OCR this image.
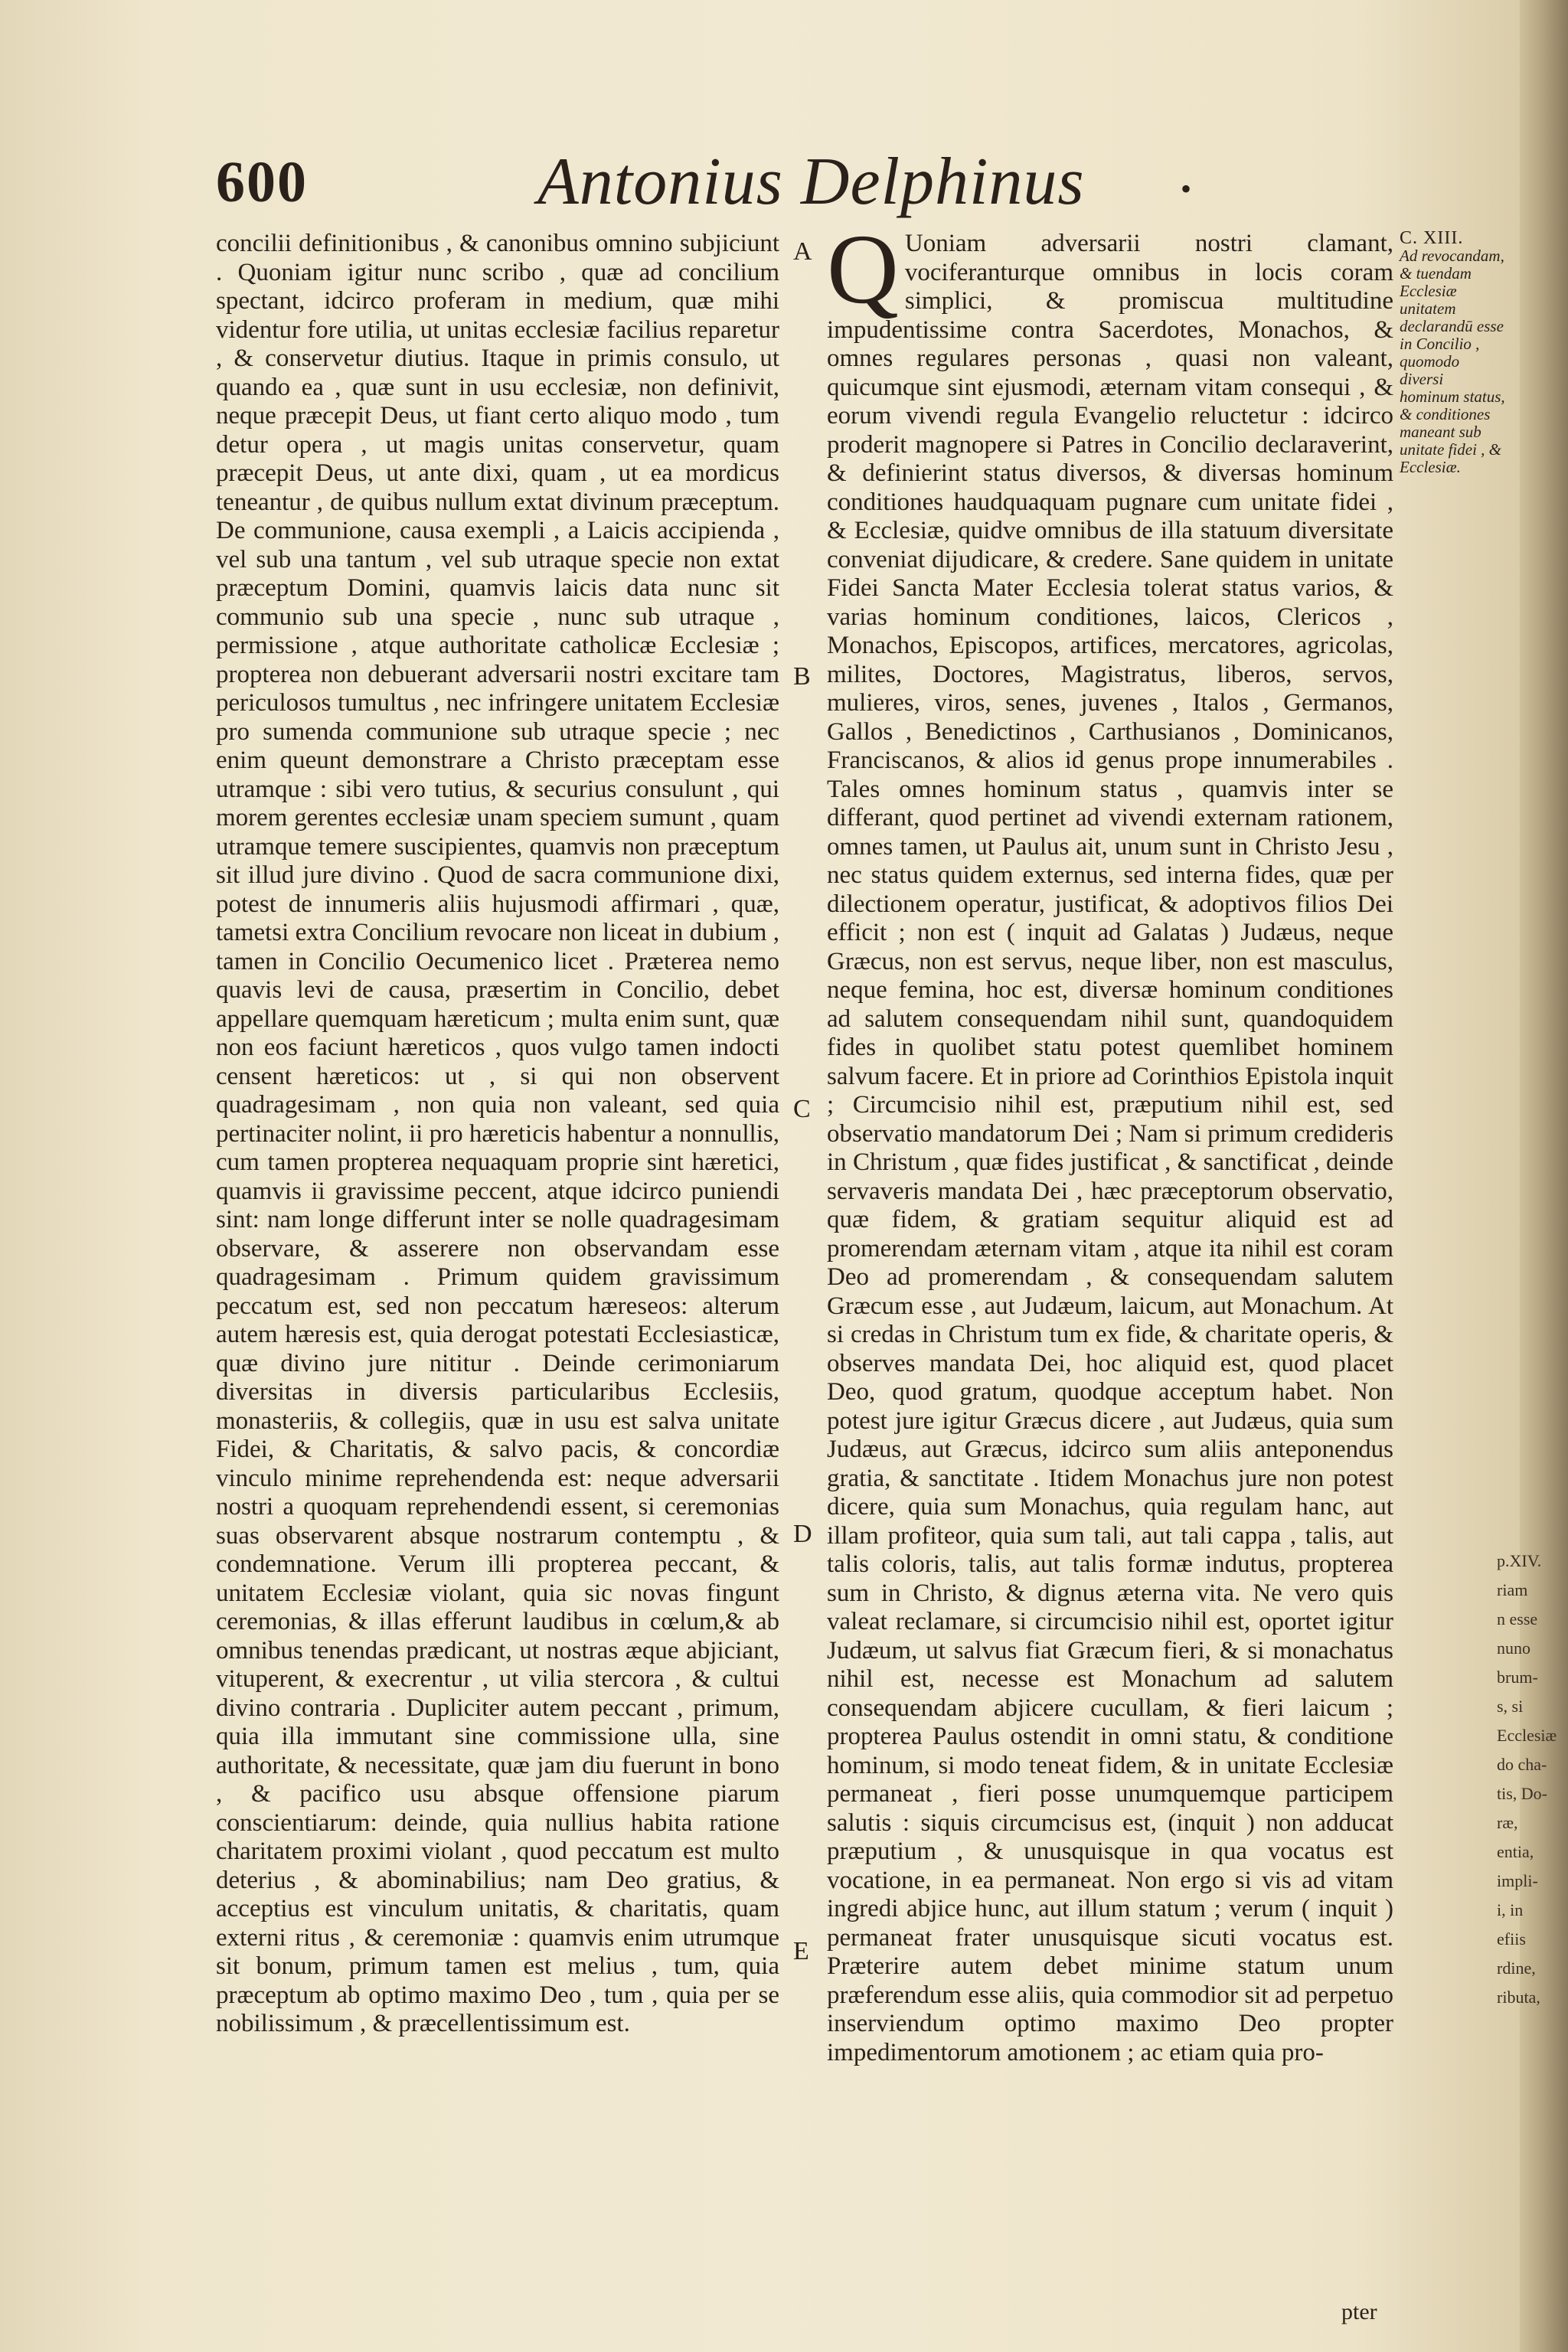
600	Antonius Delphinus	•

concilii definitionibus , & canonibus omnino subjiciunt . Quoniam igitur nunc scribo , quæ ad concilium spectant, idcirco proferam in medium, quæ mihi videntur fore utilia, ut unitas ecclesiæ facilius reparetur , & conservetur diutius. Itaque in primis consulo, ut quando ea , quæ sunt in usu ecclesiæ, non definivit, neque præcepit Deus, ut fiant certo aliquo modo , tum detur opera , ut magis unitas conservetur, quam præcepit Deus, ut ante dixi, quam , ut ea mordicus teneantur , de quibus nullum extat divinum præceptum. De communione, causa exempli , a Laicis accipienda , vel sub una tantum , vel sub utraque specie non extat præceptum Domini, quamvis laicis data nunc sit communio sub una specie , nunc sub utraque , permissione , atque authoritate catholicæ Ecclesiæ ; propterea non debuerant adversarii nostri excitare tam periculosos tumultus , nec infringere unitatem Ecclesiæ pro sumenda communione sub utraque specie ; nec enim queunt demonstrare a Christo præceptam esse utramque : sibi vero tutius, & securius consulunt , qui morem gerentes ecclesiæ unam speciem sumunt , quam utramque temere suscipientes, quamvis non præceptum sit illud jure divino . Quod de sacra communione dixi, potest de innumeris aliis hujusmodi affirmari , quæ, tametsi extra Concilium revocare non liceat in dubium , tamen in Concilio Oecumenico licet . Præterea nemo quavis levi de causa, præsertim in Concilio, debet appellare quemquam hæreticum ; multa enim sunt, quæ non eos faciunt hæreticos , quos vulgo tamen indocti censent hæreticos: ut , si qui non observent quadragesimam , non quia non valeant, sed quia pertinaciter nolint, ii pro hæreticis habentur a nonnullis, cum tamen propterea nequaquam proprie sint hæretici, quamvis ii gravissime peccent, atque idcirco puniendi sint: nam longe differunt inter se nolle quadragesimam observare, & asserere non observandam esse quadragesimam . Primum quidem gravissimum peccatum est, sed non peccatum hæreseos: alterum autem hæresis est, quia derogat potestati Ecclesiasticæ, quæ divino jure nititur . Deinde cerimoniarum diversitas in diversis particularibus Ecclesiis, monasteriis, & collegiis, quæ in usu est salva unitate Fidei, & Charitatis, & salvo pacis, & concordiæ vinculo minime reprehendenda est: neque adversarii nostri a quoquam reprehendendi essent, si ceremonias suas observarent absque nostrarum contemptu , & condemnatione. Verum illi propterea peccant, & unitatem Ecclesiæ violant, quia sic novas fingunt ceremonias, & illas efferunt laudibus in cœlum,& ab omnibus tenendas prædicant, ut nostras æque abjiciant, vituperent, & execrentur , ut vilia stercora , & cultui divino contraria . Dupliciter autem peccant , primum, quia illa immutant sine commissione ulla, sine authoritate, & necessitate, quæ jam diu fuerunt in bono , & pacifico usu absque offensione piarum conscientiarum: deinde, quia nullius habita ratione charitatem proximi violant , quod peccatum est multo deterius , & abominabilius; nam Deo gratius, & acceptius est vinculum unitatis, & charitatis, quam externi ritus , & ceremoniæ : quamvis enim utrumque sit bonum, primum tamen est melius , tum, quia præceptum ab optimo maximo Deo , tum , quia per se nobilissimum , & præcellentissimum est.

A
B
C
D
E

Q Uoniam adversarii nostri clamant, vociferanturque omnibus in locis coram simplici, & promiscua multitudine impudentissime contra Sacerdotes, Monachos, & omnes regulares personas , quasi non valeant, quicumque sint ejusmodi, æternam vitam consequi , & eorum vivendi regula Evangelio reluctetur : idcirco proderit magnopere si Patres in Concilio declaraverint, & definierint status diversos, & diversas hominum conditiones haudquaquam pugnare cum unitate fidei , & Ecclesiæ, quidve omnibus de illa statuum diversitate conveniat dijudicare, & credere. Sane quidem in unitate Fidei Sancta Mater Ecclesia tolerat status varios, & varias hominum conditiones, laicos, Clericos , Monachos, Episcopos, artifices, mercatores, agricolas, milites, Doctores, Magistratus, liberos, servos, mulieres, viros, senes, juvenes , Italos , Germanos, Gallos , Benedictinos , Carthusianos , Dominicanos, Franciscanos, & alios id genus prope innumerabiles . Tales omnes hominum status , quamvis inter se differant, quod pertinet ad vivendi externam rationem, omnes tamen, ut Paulus ait, unum sunt in Christo Jesu , nec status quidem externus, sed interna fides, quæ per dilectionem operatur, justificat, & adoptivos filios Dei efficit ; non est ( inquit ad Galatas ) Judæus, neque Græcus, non est servus, neque liber, non est masculus, neque femina, hoc est, diversæ hominum conditiones ad salutem consequendam nihil sunt, quandoquidem fides in quolibet statu potest quemlibet hominem salvum facere. Et in priore ad Corinthios Epistola inquit ; Circumcisio nihil est, præputium nihil est, sed observatio mandatorum Dei ; Nam si primum credideris in Christum , quæ fides justificat , & sanctificat , deinde servaveris mandata Dei , hæc præceptorum observatio, quæ fidem, & gratiam sequitur aliquid est ad promerendam æternam vitam , atque ita nihil est coram Deo ad promerendam , & consequendam salutem Græcum esse , aut Judæum, laicum, aut Monachum. At si credas in Christum tum ex fide, & charitate operis, & observes mandata Dei, hoc aliquid est, quod placet Deo, quod gratum, quodque acceptum habet. Non potest jure igitur Græcus dicere , aut Judæus, quia sum Judæus, aut Græcus, idcirco sum aliis anteponendus gratia, & sanctitate . Itidem Monachus jure non potest dicere, quia sum Monachus, quia regulam hanc, aut illam profiteor, quia sum tali, aut tali cappa , talis, aut talis coloris, talis, aut talis formæ indutus, propterea sum in Christo, & dignus æterna vita. Ne vero quis valeat reclamare, si circumcisio nihil est, oportet igitur Judæum, ut salvus fiat Græcum fieri, & si monachatus nihil est, necesse est Monachum ad salutem consequendam abjicere cucullam, & fieri laicum ; propterea Paulus ostendit in omni statu, & conditione hominum, si modo teneat fidem, & in unitate Ecclesiæ permaneat , fieri posse unumquemque participem salutis : siquis circumcisus est, (inquit ) non adducat præputium , & unusquisque in qua vocatus est vocatione, in ea permaneat. Non ergo si vis ad vitam ingredi abjice hunc, aut illum statum ; verum ( inquit ) permaneat frater unusquisque sicuti vocatus est. Præterire autem debet minime statum unum præferendum esse aliis, quia commodior sit ad perpetuo inserviendum optimo maximo Deo propter impedimentorum amotionem ; ac etiam quia pro-

pter
C. XIII.
Ad revocandam, & tuendam Ecclesiæ unitatem declarandū esse in Concilio , quomodo diversi hominum status, & conditiones maneant sub unitate fidei , & Ecclesiæ.
p.XIV.
riam
n esse
nuno
brum-
s, si
Ecclesiæ
do cha-
tis, Do-
ræ,
entia,
impli-
i, in
efiis
rdine,
ributa,
